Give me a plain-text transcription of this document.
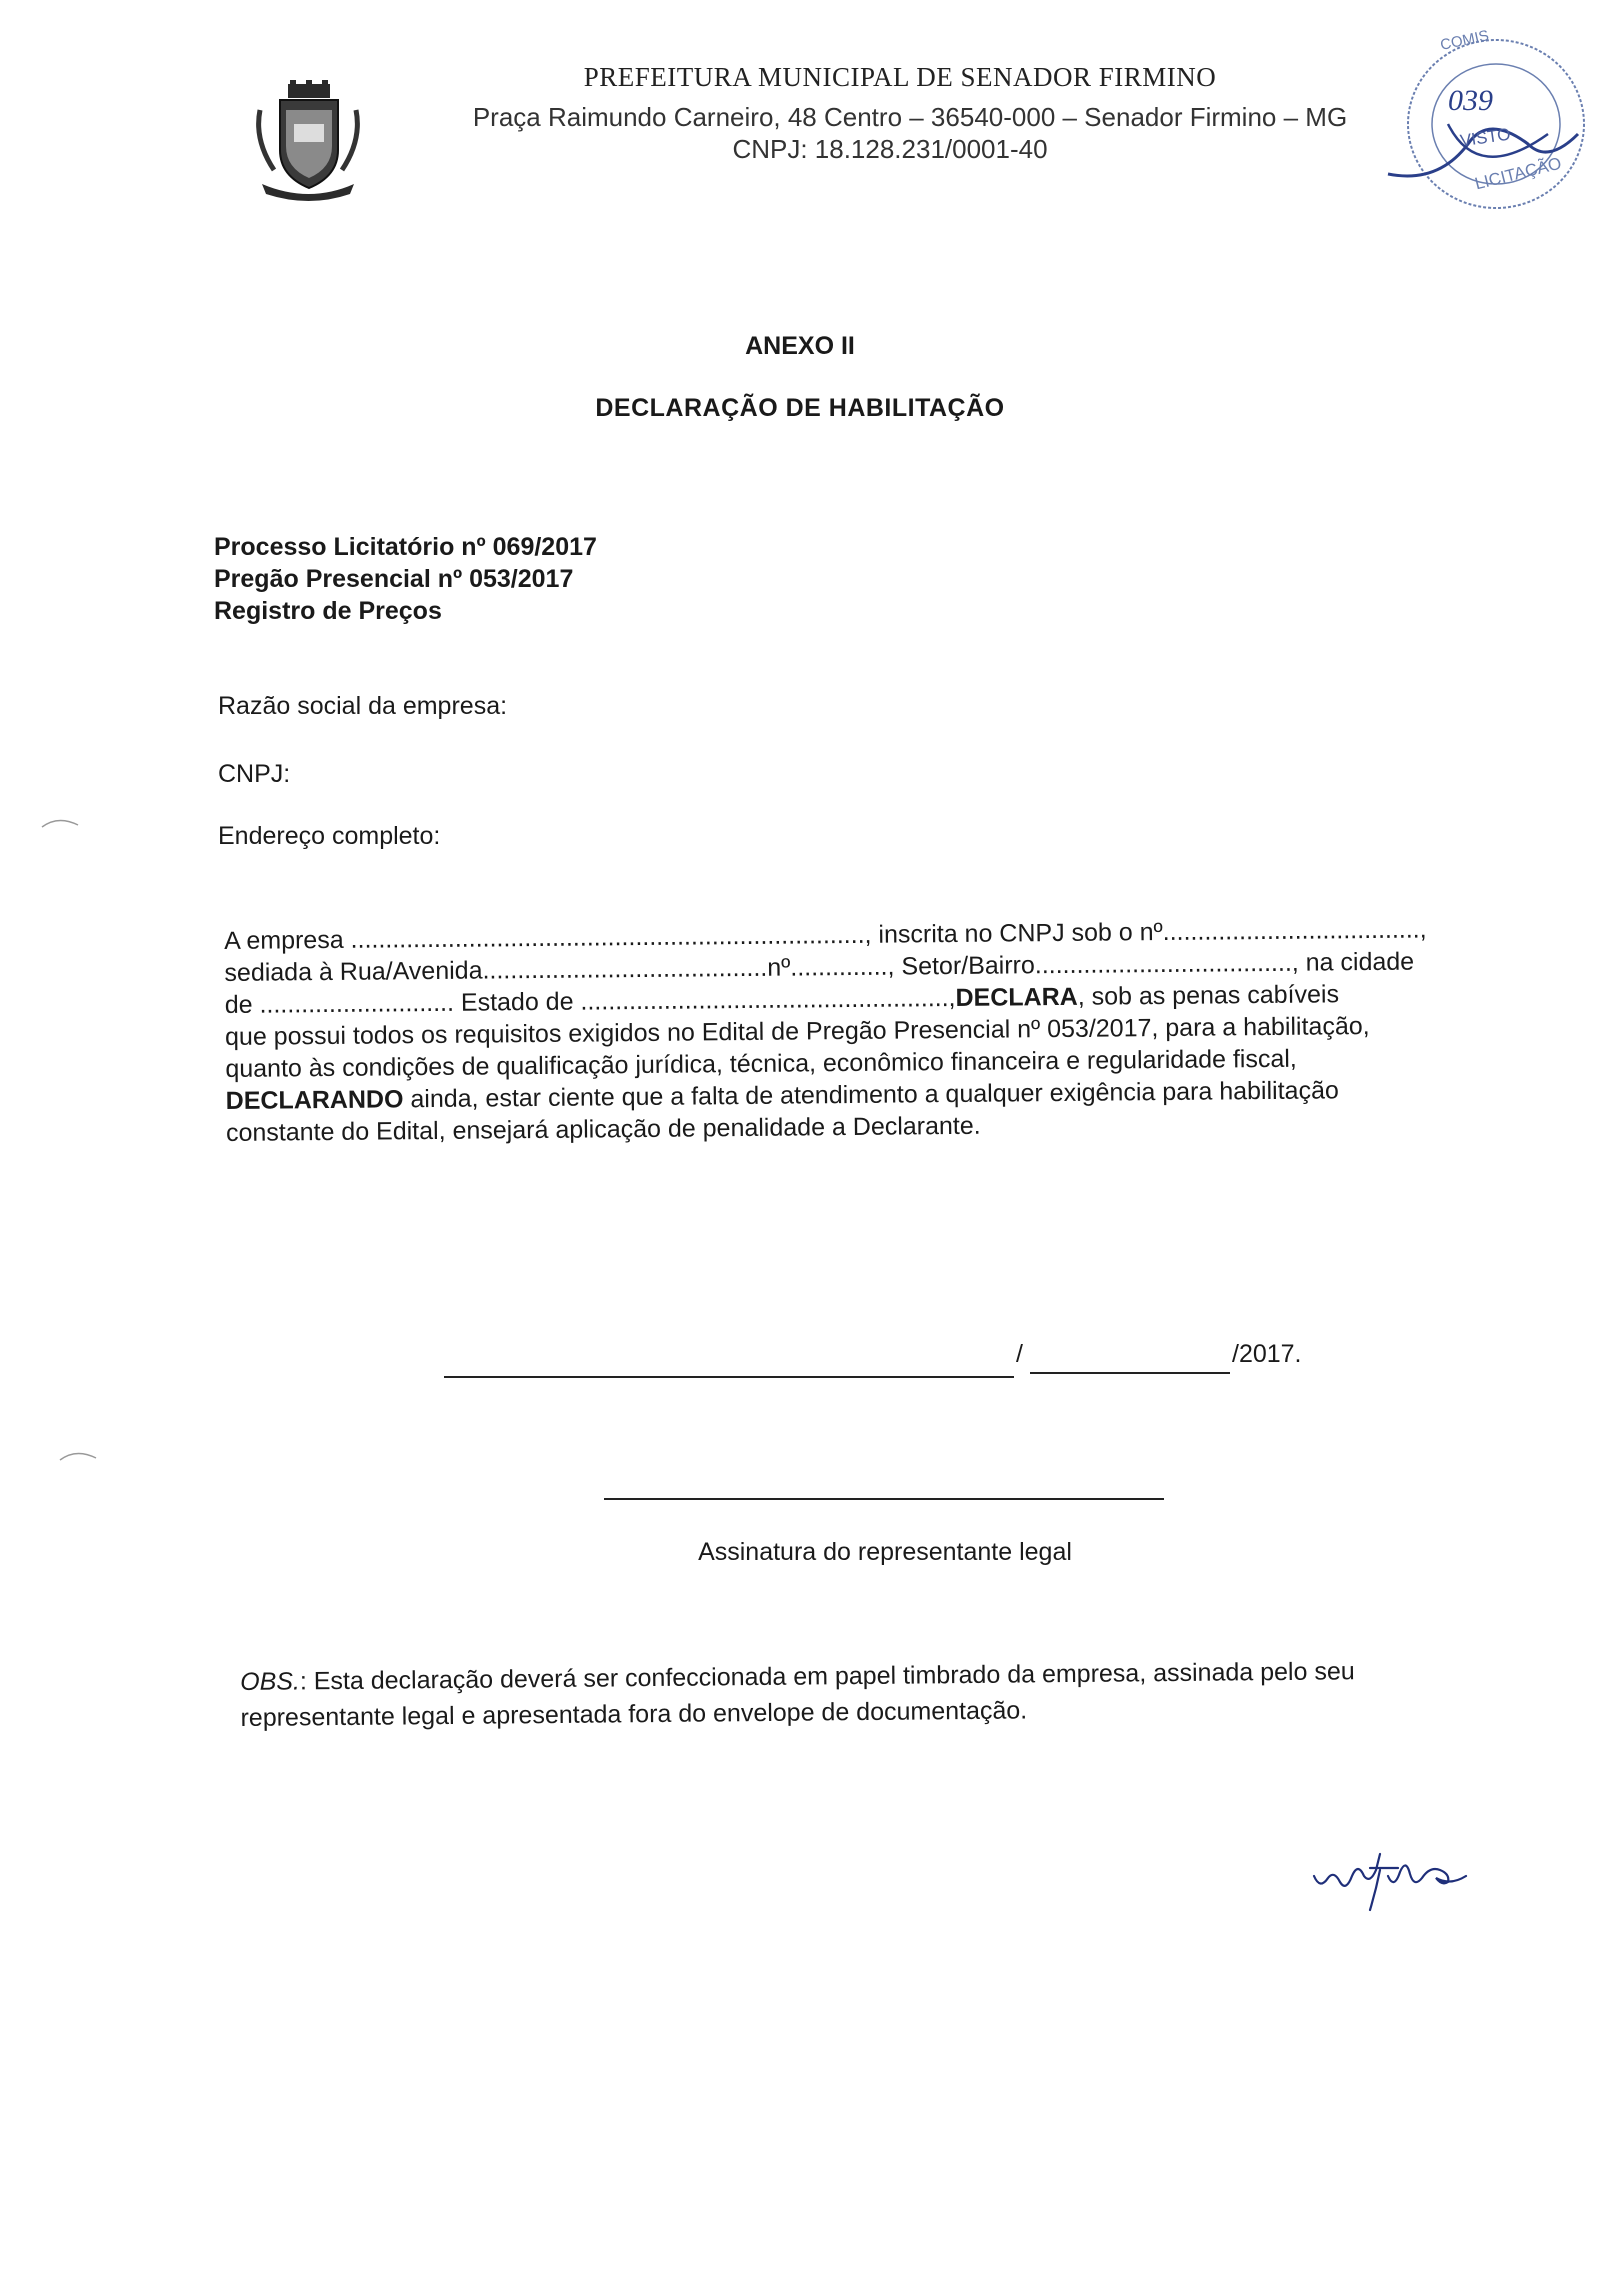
PREFEITURA MUNICIPAL DE SENADOR FIRMINO
Praça Raimundo Carneiro, 48 Centro – 36540-000 – Senador Firmino – MG
CNPJ: 18.128.231/0001-40
COMIS
039
VISTO
LICITAÇÃO
ANEXO II
DECLARAÇÃO DE HABILITAÇÃO
Processo Licitatório nº 069/2017
Pregão Presencial nº 053/2017
Registro de Preços
Razão social da empresa:
CNPJ:
Endereço completo:
A empresa .........................................................................., inscrita no CNPJ sob o nº.....................................,
sediada à Rua/Avenida.........................................nº.............., Setor/Bairro....................................., na cidade
de ............................ Estado de .....................................................,DECLARA, sob as penas cabíveis
que possui todos os requisitos exigidos no Edital de Pregão Presencial nº 053/2017, para a habilitação,
quanto às condições de qualificação jurídica, técnica, econômico financeira e regularidade fiscal,
DECLARANDO ainda, estar ciente que a falta de atendimento a qualquer exigência para habilitação
constante do Edital, ensejará aplicação de penalidade a Declarante.
/	/2017.
Assinatura do representante legal
OBS.: Esta declaração deverá ser confeccionada em papel timbrado da empresa, assinada pelo seu representante legal e apresentada fora do envelope de documentação.
